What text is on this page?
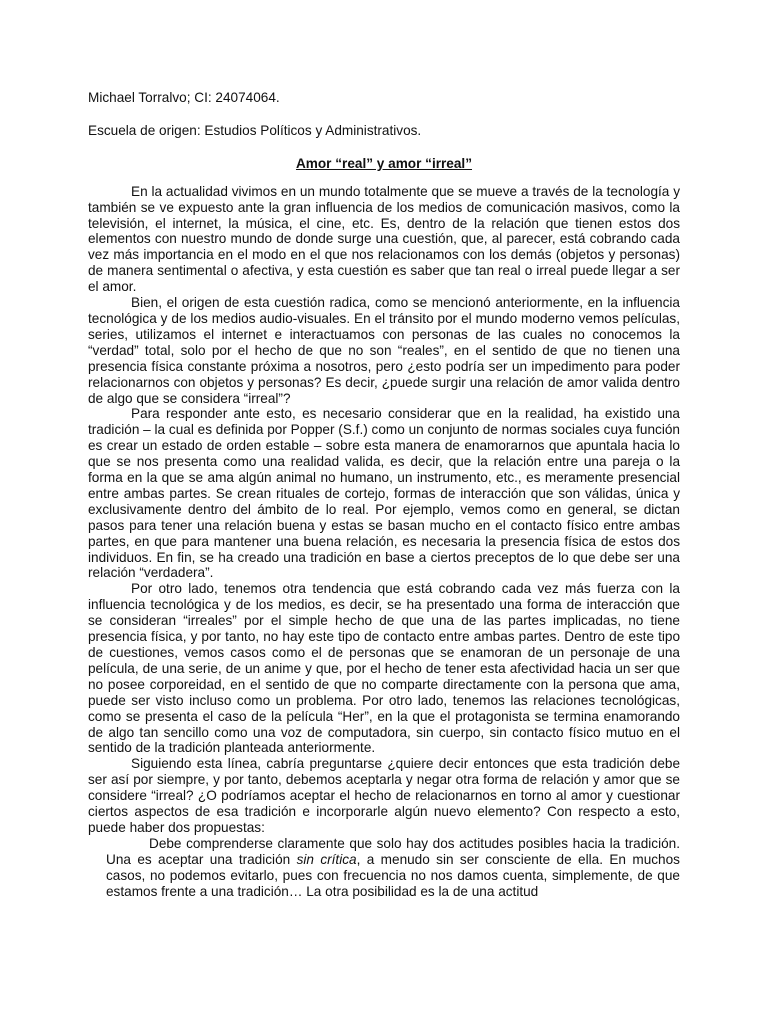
Michael Torralvo; CI: 24074064.

Escuela de origen: Estudios Políticos y Administrativos.

Amor “real” y amor “irreal”

En la actualidad vivimos en un mundo totalmente que se mueve a través de la tecnología y también se ve expuesto ante la gran influencia de los medios de comunicación masivos, como la televisión, el internet, la música, el cine, etc. Es, dentro de la relación que tienen estos dos elementos con nuestro mundo de donde surge una cuestión, que, al parecer, está cobrando cada vez más importancia en el modo en el que nos relacionamos con los demás (objetos y personas) de manera sentimental o afectiva, y esta cuestión es saber que tan real o irreal puede llegar a ser el amor.

Bien, el origen de esta cuestión radica, como se mencionó anteriormente, en la influencia tecnológica y de los medios audio-visuales. En el tránsito por el mundo moderno vemos películas, series, utilizamos el internet e interactuamos con personas de las cuales no conocemos la “verdad” total, solo por el hecho de que no son “reales”, en el sentido de que no tienen una presencia física constante próxima a nosotros, pero ¿esto podría ser un impedimento para poder relacionarnos con objetos y personas? Es decir, ¿puede surgir una relación de amor valida dentro de algo que se considera “irreal”?

Para responder ante esto, es necesario considerar que en la realidad, ha existido una tradición – la cual es definida por Popper (S.f.) como un conjunto de normas sociales cuya función es crear un estado de orden estable – sobre esta manera de enamorarnos que apuntala hacia lo que se nos presenta como una realidad valida, es decir, que la relación entre una pareja o la forma en la que se ama algún animal no humano, un instrumento, etc., es meramente presencial entre ambas partes. Se crean rituales de cortejo, formas de interacción que son válidas, única y exclusivamente dentro del ámbito de lo real. Por ejemplo, vemos como en general, se dictan pasos para tener una relación buena y estas se basan mucho en el contacto físico entre ambas partes, en que para mantener una buena relación, es necesaria la presencia física de estos dos individuos. En fin, se ha creado una tradición en base a ciertos preceptos de lo que debe ser una relación “verdadera”.

Por otro lado, tenemos otra tendencia que está cobrando cada vez más fuerza con la influencia tecnológica y de los medios, es decir, se ha presentado una forma de interacción que se consideran “irreales” por el simple hecho de que una de las partes implicadas, no tiene presencia física, y por tanto, no hay este tipo de contacto entre ambas partes. Dentro de este tipo de cuestiones, vemos casos como el de personas que se enamoran de un personaje de una película, de una serie, de un anime y que, por el hecho de tener esta afectividad hacia un ser que no posee corporeidad, en el sentido de que no comparte directamente con la persona que ama, puede ser visto incluso como un problema. Por otro lado, tenemos las relaciones tecnológicas, como se presenta el caso de la película “Her”, en la que el protagonista se termina enamorando de algo tan sencillo como una voz de computadora, sin cuerpo, sin contacto físico mutuo en el sentido de la tradición planteada anteriormente.

Siguiendo esta línea, cabría preguntarse ¿quiere decir entonces que esta tradición debe ser así por siempre, y por tanto, debemos aceptarla y negar otra forma de relación y amor que se considere “irreal? ¿O podríamos aceptar el hecho de relacionarnos en torno al amor y cuestionar ciertos aspectos de esa tradición e incorporarle algún nuevo elemento? Con respecto a esto, puede haber dos propuestas:

Debe comprenderse claramente que solo hay dos actitudes posibles hacia la tradición. Una es aceptar una tradición sin crítica, a menudo sin ser consciente de ella. En muchos casos, no podemos evitarlo, pues con frecuencia no nos damos cuenta, simplemente, de que estamos frente a una tradición… La otra posibilidad es la de una actitud
